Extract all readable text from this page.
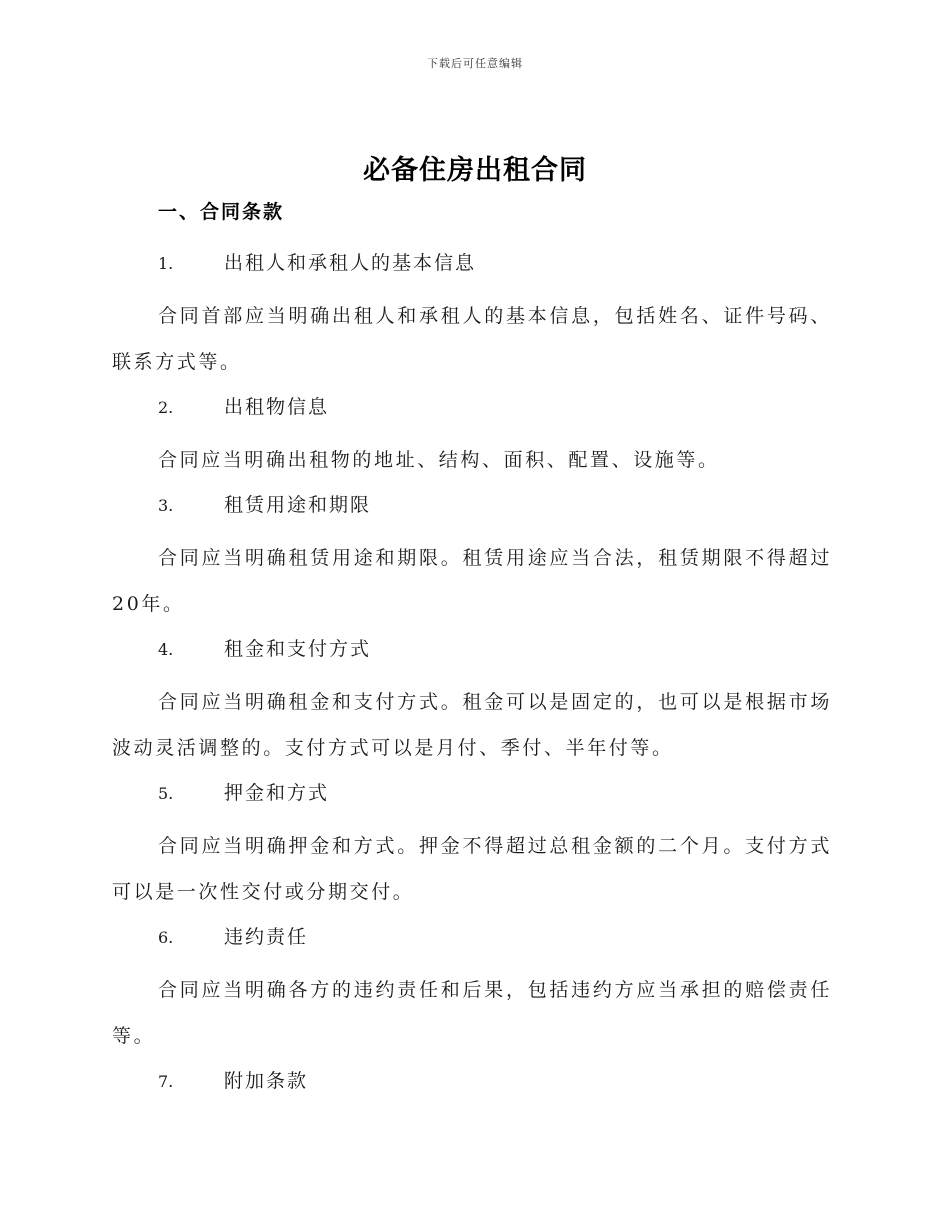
下载后可任意编辑
必备住房出租合同
一、合同条款
1.	出租人和承租人的基本信息

合同首部应当明确出租人和承租人的基本信息，包括姓名、证件号码、联系方式等。

2.	出租物信息

合同应当明确出租物的地址、结构、面积、配置、设施等。

3.	租赁用途和期限

合同应当明确租赁用途和期限。租赁用途应当合法，租赁期限不得超过20年。

4.	租金和支付方式

合同应当明确租金和支付方式。租金可以是固定的，也可以是根据市场波动灵活调整的。支付方式可以是月付、季付、半年付等。

5.	押金和方式

合同应当明确押金和方式。押金不得超过总租金额的二个月。支付方式可以是一次性交付或分期交付。

6.	违约责任

合同应当明确各方的违约责任和后果，包括违约方应当承担的赔偿责任等。

7.	附加条款
